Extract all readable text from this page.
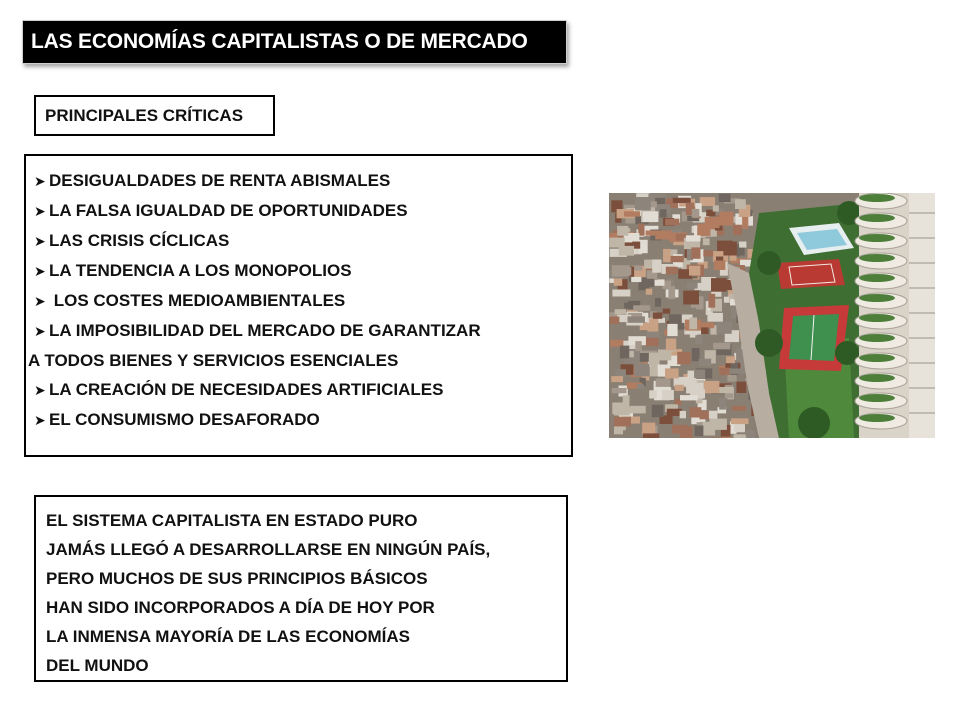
LAS ECONOMÍAS CAPITALISTAS O DE MERCADO
PRINCIPALES CRÍTICAS
➤ DESIGUALDADES DE RENTA ABISMALES
➤ LA FALSA IGUALDAD DE OPORTUNIDADES
➤ LAS CRISIS CÍCLICAS
➤ LA TENDENCIA A LOS MONOPOLIOS
➤ LOS COSTES MEDIOAMBIENTALES
➤ LA IMPOSIBILIDAD DEL MERCADO DE GARANTIZAR
A TODOS BIENES Y SERVICIOS ESENCIALES
➤ LA CREACIÓN DE NECESIDADES ARTIFICIALES
➤ EL CONSUMISMO DESAFORADO

EL SISTEMA CAPITALISTA EN ESTADO PURO

JAMÁS LLEGÓ A DESARROLLARSE EN NINGÚN PAÍS,

PERO MUCHOS DE SUS PRINCIPIOS BÁSICOS

HAN SIDO INCORPORADOS A DÍA DE HOY POR

LA INMENSA MAYORÍA DE LAS ECONOMÍAS

DEL MUNDO
